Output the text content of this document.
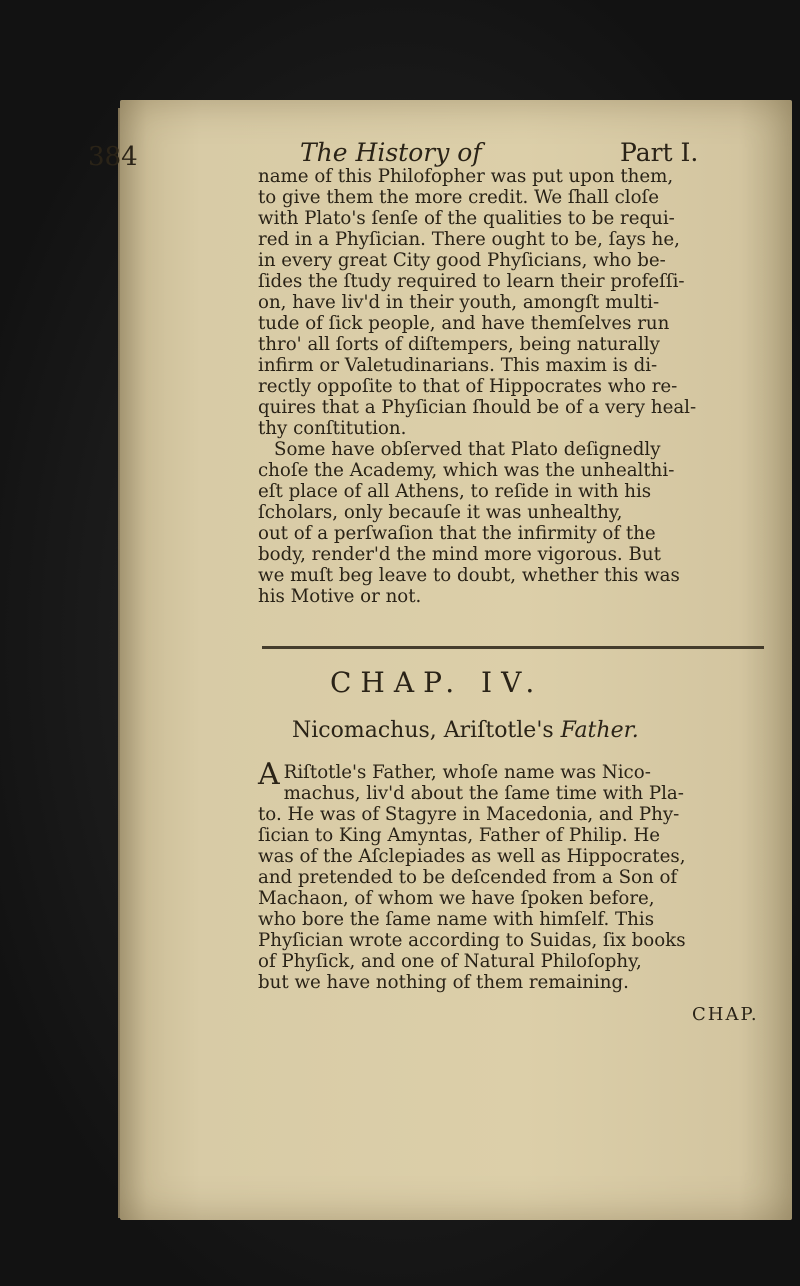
384	The History of	Part I.
name of this Philofopher was put upon them,
to give them the more credit. We ſhall cloſe
with Plato's ſenſe of the qualities to be requi-
red in a Phyſician. There ought to be, ſays he,
in every great City good Phyſicians, who be-
ſides the ſtudy required to learn their profeſſi-
on, have liv'd in their youth, amongſt multi-
tude of ſick people, and have themſelves run
thro' all ſorts of diſtempers, being naturally
infirm or Valetudinarians. This maxim is di-
rectly oppoſite to that of Hippocrates who re-
quires that a Phyſician ſhould be of a very heal-
thy conſtitution.
Some have obſerved that Plato deſignedly
choſe the Academy, which was the unhealthi-
eſt place of all Athens, to reſide in with his
ſcholars, only becauſe it was unhealthy,
out of a perſwaſion that the infirmity of the
body, render'd the mind more vigorous. But
we muſt beg leave to doubt, whether this was
his Motive or not.
CHAP. IV.
Nicomachus, Ariſtotle's Father.
A Riſtotle's Father, whoſe name was Nico-
machus, liv'd about the ſame time with Pla-
to. He was of Stagyre in Macedonia, and Phy-
ſician to King Amyntas, Father of Philip. He
was of the Aſclepiades as well as Hippocrates,
and pretended to be deſcended from a Son of
Machaon, of whom we have ſpoken before,
who bore the ſame name with himſelf. This
Phyſician wrote according to Suidas, ſix books
of Phyſick, and one of Natural Philoſophy,
but we have nothing of them remaining.
CHAP.
